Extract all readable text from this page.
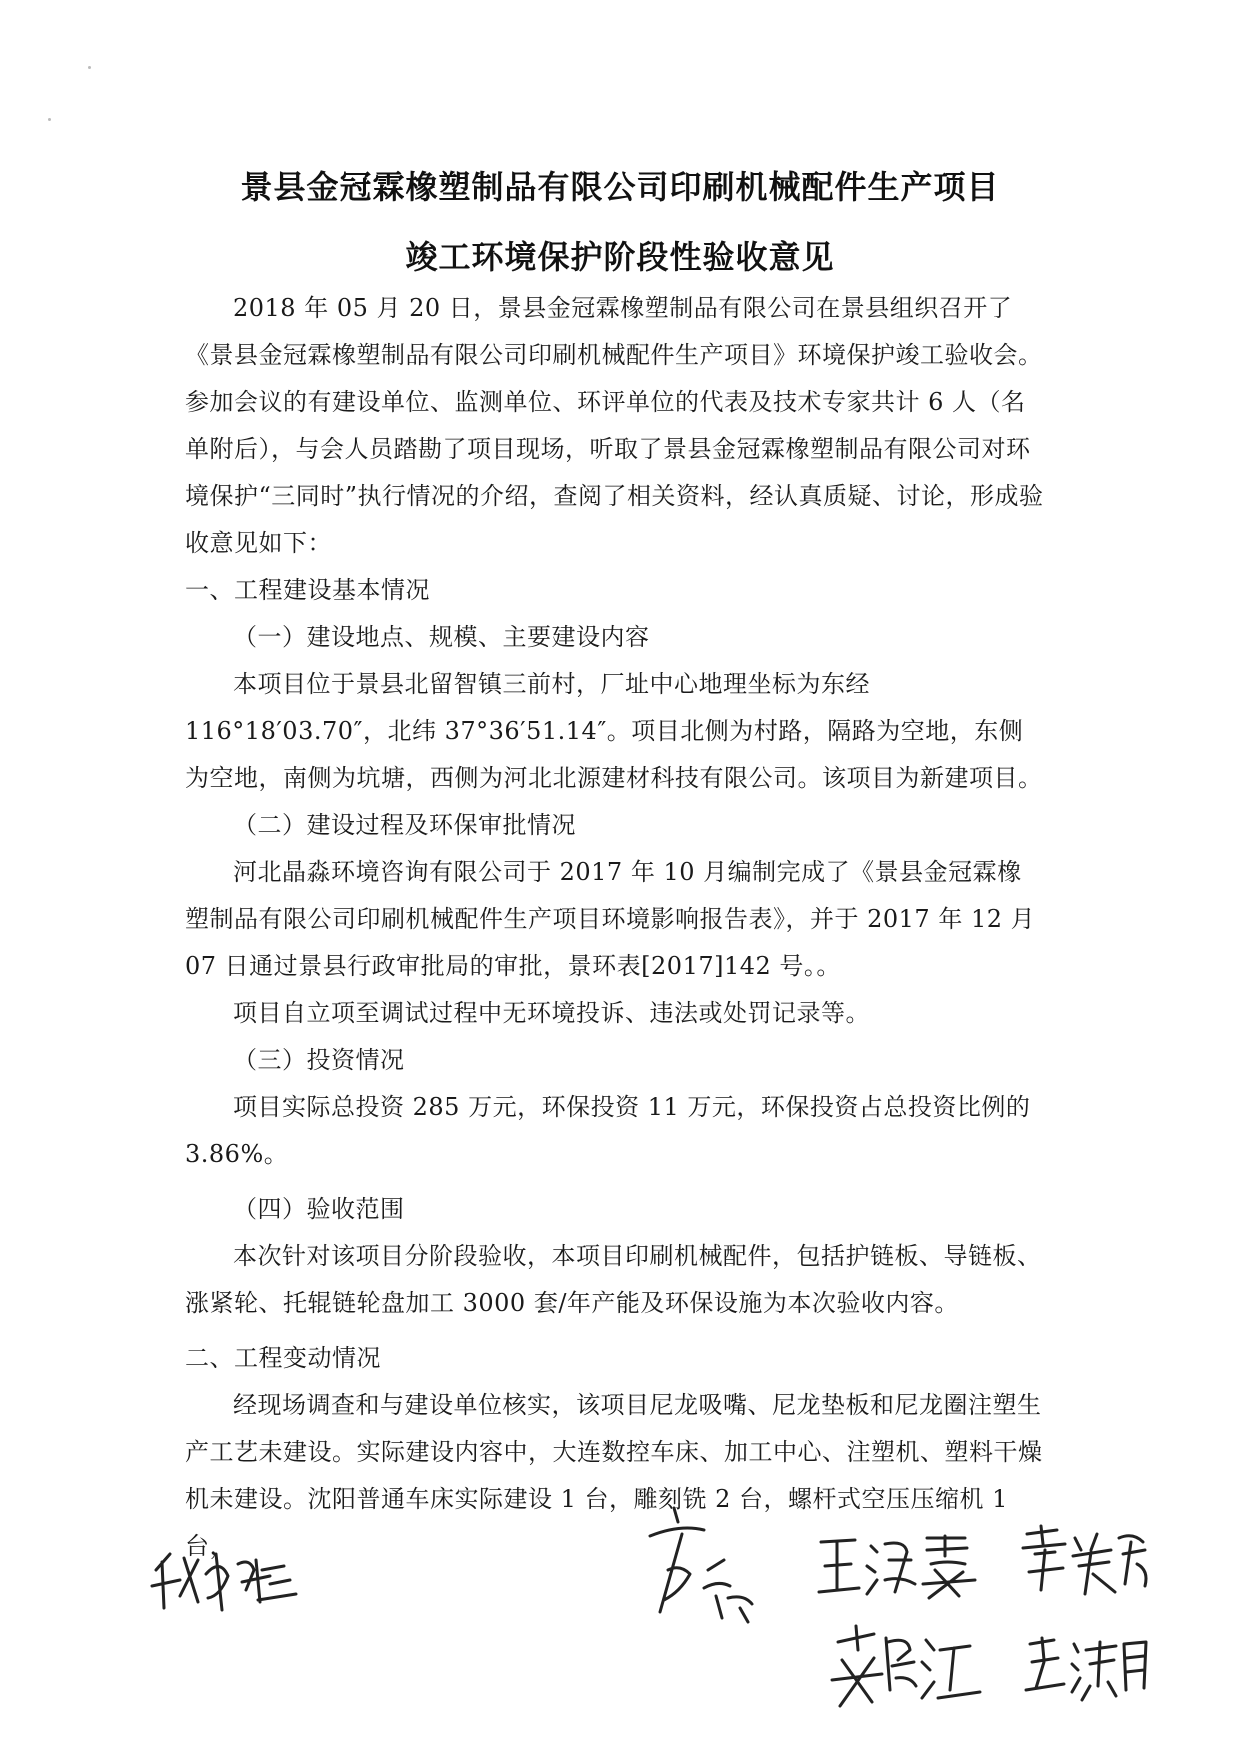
景县金冠霖橡塑制品有限公司印刷机械配件生产项目
竣工环境保护阶段性验收意见

2018 年 05 月 20 日，景县金冠霖橡塑制品有限公司在景县组织召开了《景县金冠霖橡塑制品有限公司印刷机械配件生产项目》环境保护竣工验收会。参加会议的有建设单位、监测单位、环评单位的代表及技术专家共计 6 人（名单附后），与会人员踏勘了项目现场，听取了景县金冠霖橡塑制品有限公司对环境保护“三同时”执行情况的介绍，查阅了相关资料，经认真质疑、讨论，形成验收意见如下：

一、工程建设基本情况

（一）建设地点、规模、主要建设内容

本项目位于景县北留智镇三前村，厂址中心地理坐标为东经 116°18′03.70″，北纬 37°36′51.14″。项目北侧为村路，隔路为空地，东侧为空地，南侧为坑塘，西侧为河北北源建材科技有限公司。该项目为新建项目。

（二）建设过程及环保审批情况

河北晶淼环境咨询有限公司于 2017 年 10 月编制完成了《景县金冠霖橡塑制品有限公司印刷机械配件生产项目环境影响报告表》，并于 2017 年 12 月 07 日通过景县行政审批局的审批，景环表[2017]142 号。。

项目自立项至调试过程中无环境投诉、违法或处罚记录等。

（三）投资情况

项目实际总投资 285 万元，环保投资 11 万元，环保投资占总投资比例的 3.86%。

（四）验收范围

本次针对该项目分阶段验收，本项目印刷机械配件，包括护链板、导链板、涨紧轮、托辊链轮盘加工 3000 套/年产能及环保设施为本次验收内容。

二、工程变动情况

经现场调查和与建设单位核实，该项目尼龙吸嘴、尼龙垫板和尼龙圈注塑生产工艺未建设。实际建设内容中，大连数控车床、加工中心、注塑机、塑料干燥机未建设。沈阳普通车床实际建设 1 台，雕刻铣 2 台，螺杆式空压压缩机 1 台，
